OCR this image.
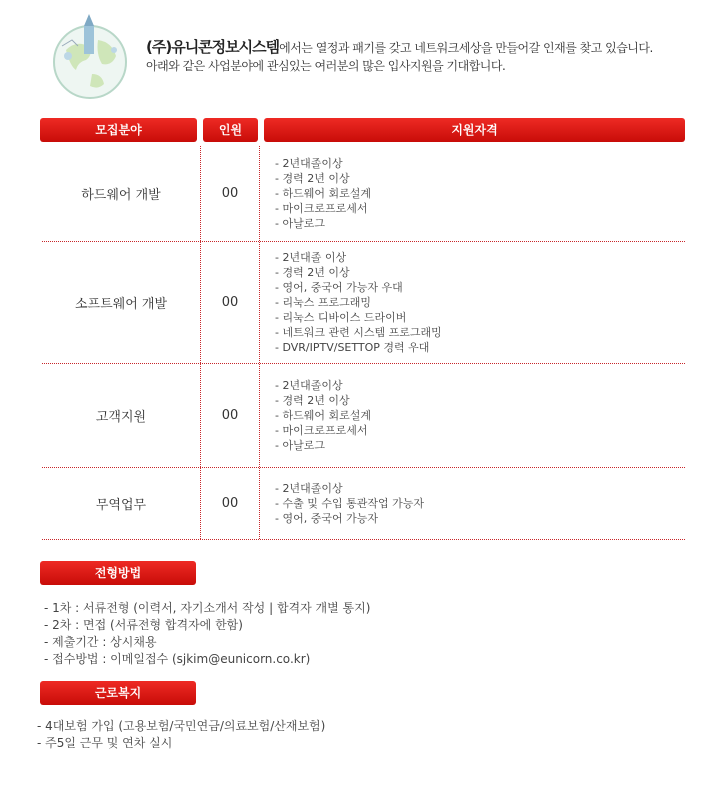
(주)유니콘정보시스템에서는 열정과 패기를 갖고 네트워크세상을 만들어갈 인재를 찾고 있습니다.

아래와 같은 사업분야에 관심있는 여러분의 많은 입사지원을 기대합니다.

모집분야	인원	지원자격
하드웨어 개발	00
- 2년대졸이상
- 경력 2년 이상
- 하드웨어 회로설계
- 마이크로프로세서
- 아날로그
소프트웨어 개발	00
- 2년대졸 이상
- 경력 2년 이상
- 영어, 중국어 가능자 우대
- 리눅스 프로그래밍
- 리눅스 디바이스 드라이버
- 네트워크 관련 시스템 프로그래밍
- DVR/IPTV/SETTOP 경력 우대
고객지원	00
- 2년대졸이상
- 경력 2년 이상
- 하드웨어 회로설계
- 마이크로프로세서
- 아날로그
무역업무	00
- 2년대졸이상
- 수출 및 수입 통관작업 가능자
- 영어, 중국어 가능자
전형방법
- 1차 : 서류전형 (이력서, 자기소개서 작성 | 합격자 개별 통지)
- 2차 : 면접 (서류전형 합격자에 한함)
- 제출기간 : 상시채용
- 접수방법 : 이메일접수 (sjkim@eunicorn.co.kr)
근로복지
- 4대보험 가입 (고용보험/국민연금/의료보험/산재보험)
- 주5일 근무 및 연차 실시
